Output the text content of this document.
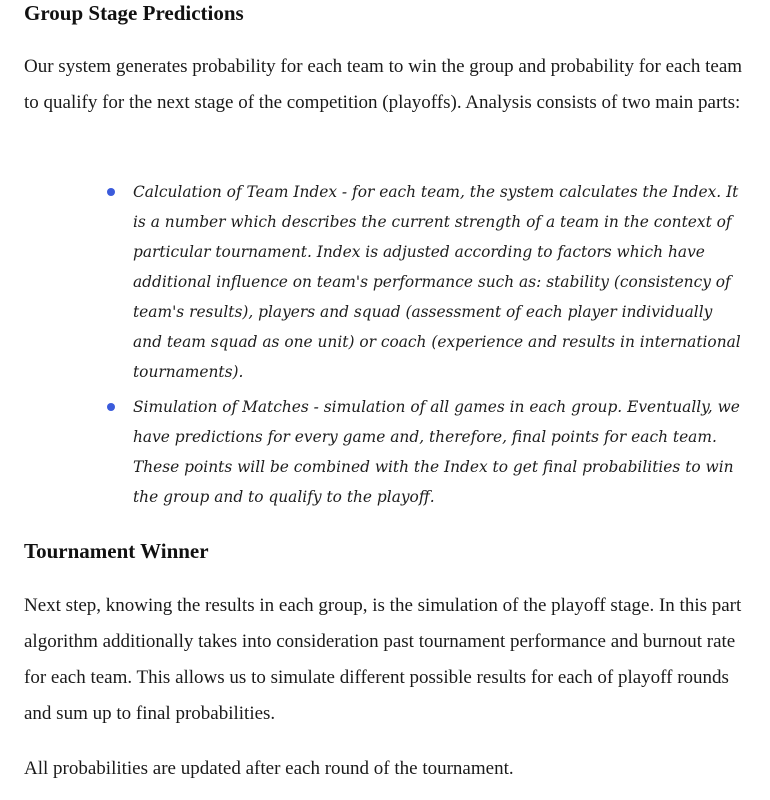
Group Stage Predictions

Our system generates probability for each team to win the group and probability for each team to qualify for the next stage of the competition (playoffs). Analysis consists of two main parts:

Calculation of Team Index - for each team, the system calculates the Index. It is a number which describes the current strength of a team in the context of particular tournament. Index is adjusted according to factors which have additional influence on team's performance such as: stability (consistency of team's results), players and squad (assessment of each player individually and team squad as one unit) or coach (experience and results in international tournaments).
Simulation of Matches - simulation of all games in each group. Eventually, we have predictions for every game and, therefore, final points for each team. These points will be combined with the Index to get final probabilities to win the group and to qualify to the playoff.
Tournament Winner

Next step, knowing the results in each group, is the simulation of the playoff stage. In this part algorithm additionally takes into consideration past tournament performance and burnout rate for each team. This allows us to simulate different possible results for each of playoff rounds and sum up to final probabilities.

All probabilities are updated after each round of the tournament.
